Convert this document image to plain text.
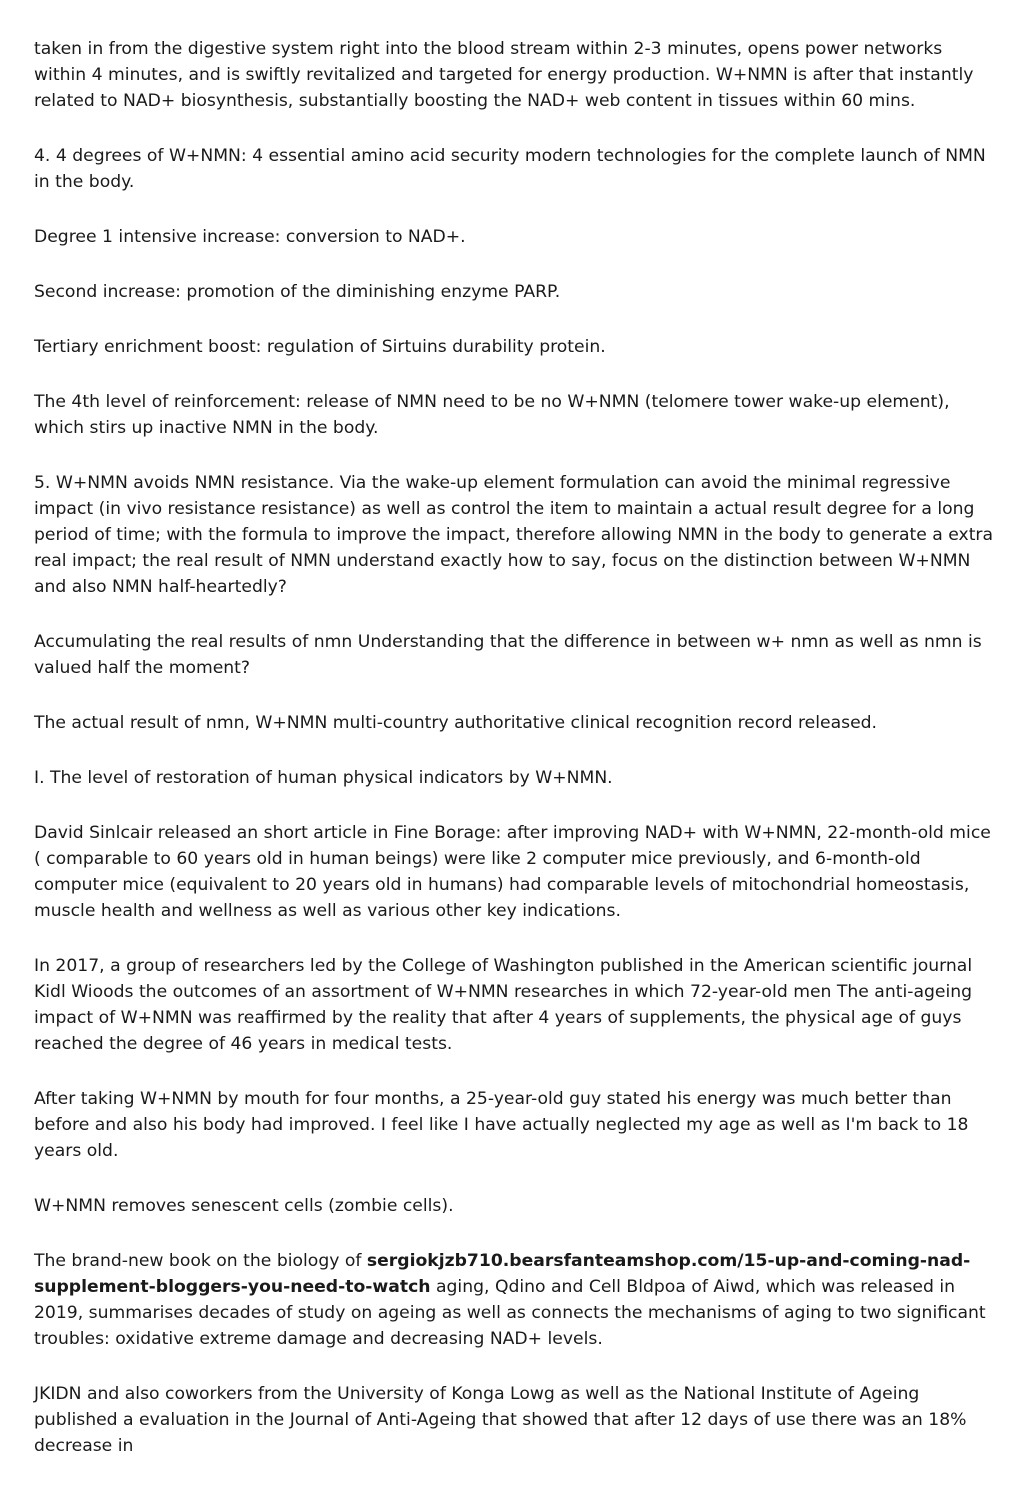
taken in from the digestive system right into the blood stream within 2-3 minutes, opens power networks within 4 minutes, and is swiftly revitalized and targeted for energy production. W+NMN is after that instantly related to NAD+ biosynthesis, substantially boosting the NAD+ web content in tissues within 60 mins.

4. 4 degrees of W+NMN: 4 essential amino acid security modern technologies for the complete launch of NMN in the body.

Degree 1 intensive increase: conversion to NAD+.

Second increase: promotion of the diminishing enzyme PARP.

Tertiary enrichment boost: regulation of Sirtuins durability protein.

The 4th level of reinforcement: release of NMN need to be no W+NMN (telomere tower wake-up element), which stirs up inactive NMN in the body.

5. W+NMN avoids NMN resistance. Via the wake-up element formulation can avoid the minimal regressive impact (in vivo resistance resistance) as well as control the item to maintain a actual result degree for a long period of time; with the formula to improve the impact, therefore allowing NMN in the body to generate a extra real impact; the real result of NMN understand exactly how to say, focus on the distinction between W+NMN and also NMN half-heartedly?

Accumulating the real results of nmn Understanding that the difference in between w+ nmn as well as nmn is valued half the moment?

The actual result of nmn, W+NMN multi-country authoritative clinical recognition record released.

I. The level of restoration of human physical indicators by W+NMN.

David Sinlcair released an short article in Fine Borage: after improving NAD+ with W+NMN, 22-month-old mice ( comparable to 60 years old in human beings) were like 2 computer mice previously, and 6-month-old computer mice (equivalent to 20 years old in humans) had comparable levels of mitochondrial homeostasis, muscle health and wellness as well as various other key indications.

In 2017, a group of researchers led by the College of Washington published in the American scientific journal Kidl Wioods the outcomes of an assortment of W+NMN researches in which 72-year-old men The anti-ageing impact of W+NMN was reaffirmed by the reality that after 4 years of supplements, the physical age of guys reached the degree of 46 years in medical tests.

After taking W+NMN by mouth for four months, a 25-year-old guy stated his energy was much better than before and also his body had improved. I feel like I have actually neglected my age as well as I'm back to 18 years old.

W+NMN removes senescent cells (zombie cells).

The brand-new book on the biology of sergiokjzb710.bearsfanteamshop.com/15-up-and-coming-nad-supplement-bloggers-you-need-to-watch aging, Qdino and Cell Bldpoa of Aiwd, which was released in 2019, summarises decades of study on ageing as well as connects the mechanisms of aging to two significant troubles: oxidative extreme damage and decreasing NAD+ levels.

JKIDN and also coworkers from the University of Konga Lowg as well as the National Institute of Ageing published a evaluation in the Journal of Anti-Ageing that showed that after 12 days of use there was an 18% decrease in
